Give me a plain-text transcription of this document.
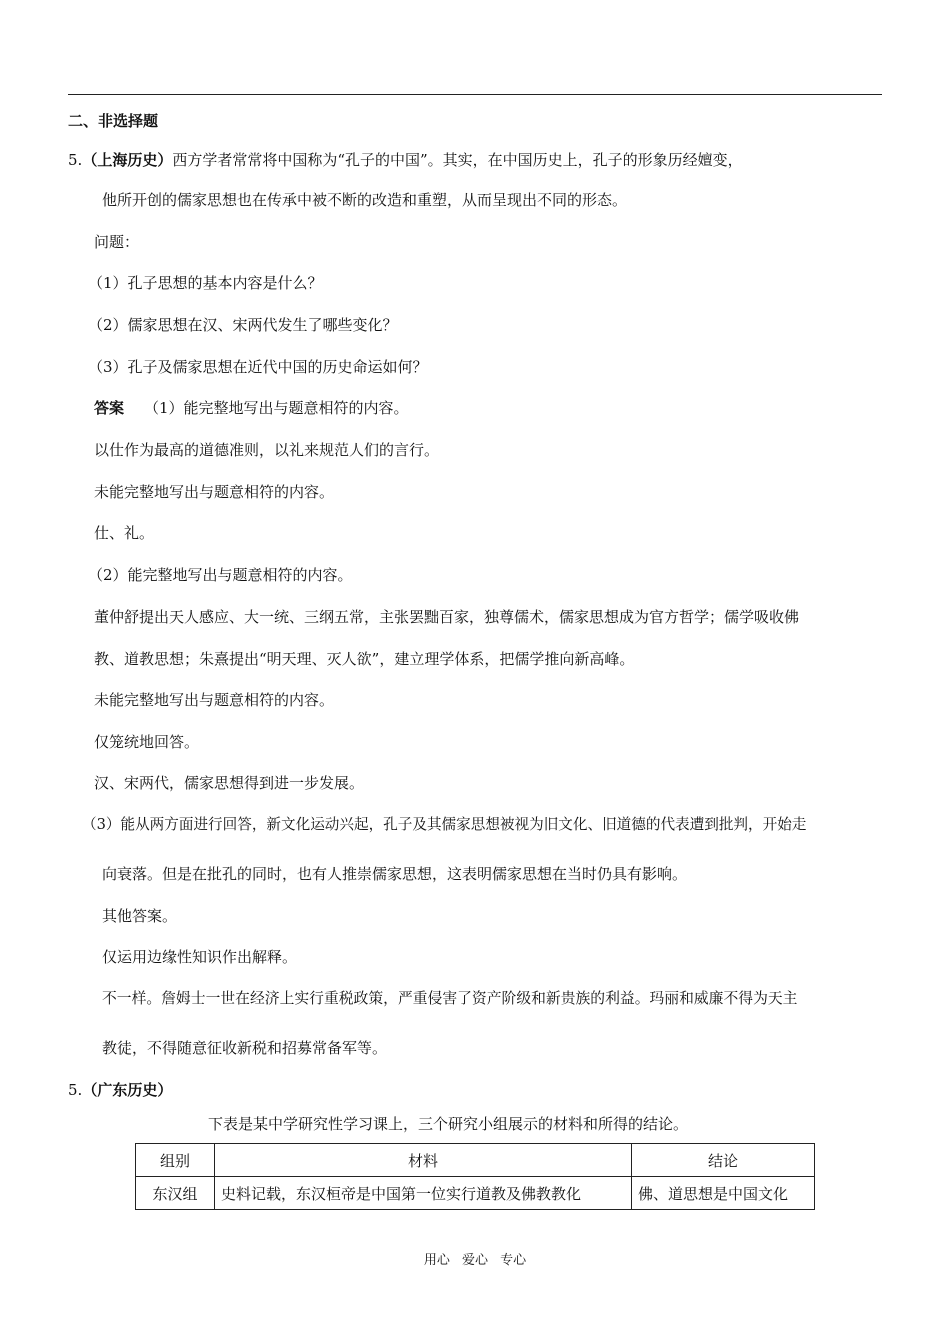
二、非选择题
5.（上海历史）西方学者常常将中国称为“孔子的中国”。其实，在中国历史上，孔子的形象历经嬗变，
他所开创的儒家思想也在传承中被不断的改造和重塑，从而呈现出不同的形态。
问题：
（1）孔子思想的基本内容是什么？
（2）儒家思想在汉、宋两代发生了哪些变化？
（3）孔子及儒家思想在近代中国的历史命运如何？
答案 （1）能完整地写出与题意相符的内容。
以仕作为最高的道德准则，以礼来规范人们的言行。
未能完整地写出与题意相符的内容。
仕、礼。
（2）能完整地写出与题意相符的内容。
董仲舒提出天人感应、大一统、三纲五常，主张罢黜百家，独尊儒术，儒家思想成为官方哲学；儒学吸收佛
教、道教思想；朱熹提出“明天理、灭人欲”，建立理学体系，把儒学推向新高峰。
未能完整地写出与题意相符的内容。
仅笼统地回答。
汉、宋两代，儒家思想得到进一步发展。
（3）能从两方面进行回答，新文化运动兴起，孔子及其儒家思想被视为旧文化、旧道德的代表遭到批判，开始走
向衰落。但是在批孔的同时，也有人推崇儒家思想，这表明儒家思想在当时仍具有影响。
其他答案。
仅运用边缘性知识作出解释。
不一样。詹姆士一世在经济上实行重税政策，严重侵害了资产阶级和新贵族的利益。玛丽和威廉不得为天主
教徒，不得随意征收新税和招募常备军等。
5.（广东历史）
下表是某中学研究性学习课上，三个研究小组展示的材料和所得的结论。
组别	材料	结论
东汉组	史料记载，东汉桓帝是中国第一位实行道教及佛教教化	佛、道思想是中国文化
用心 爱心 专心
